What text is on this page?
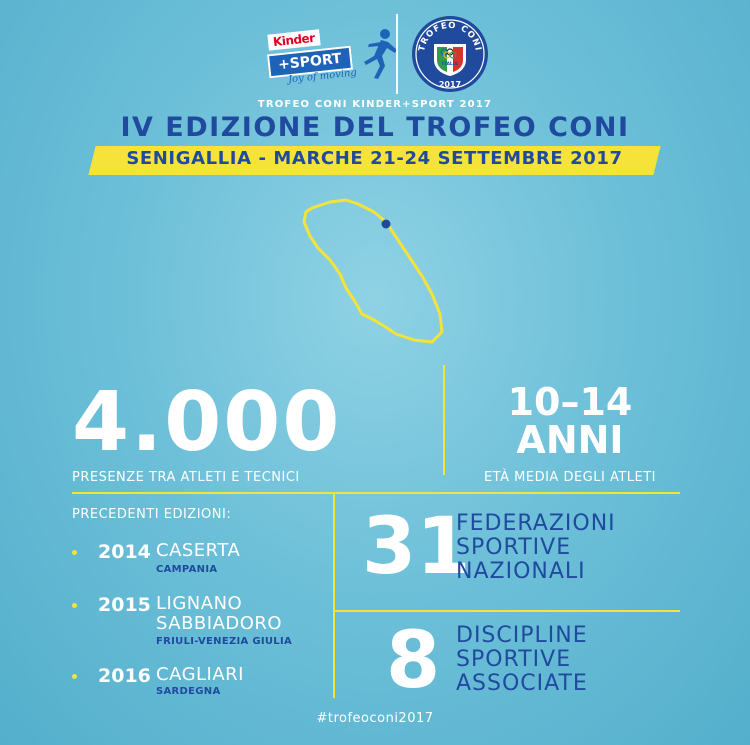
Kinder
+SPORT
Joy of moving
TROFEO CONI
ITALIA
2017
TROFEO CONI KINDER+SPORT 2017
IV EDIZIONE DEL TROFEO CONI
SENIGALLIA - MARCHE 21-24 SETTEMBRE 2017
4.000
PRESENZE TRA ATLETI E TECNICI
10–14
ANNI
ETÀ MEDIA DEGLI ATLETI
PRECEDENTI EDIZIONI:
2014 CASERTA
CAMPANIA
2015 LIGNANO
SABBIADORO
FRIULI-VENEZIA GIULIA
2016 CAGLIARI
SARDEGNA
31
FEDERAZIONI
SPORTIVE
NAZIONALI
8 DISCIPLINE
SPORTIVE
ASSOCIATE
#trofeoconi2017
